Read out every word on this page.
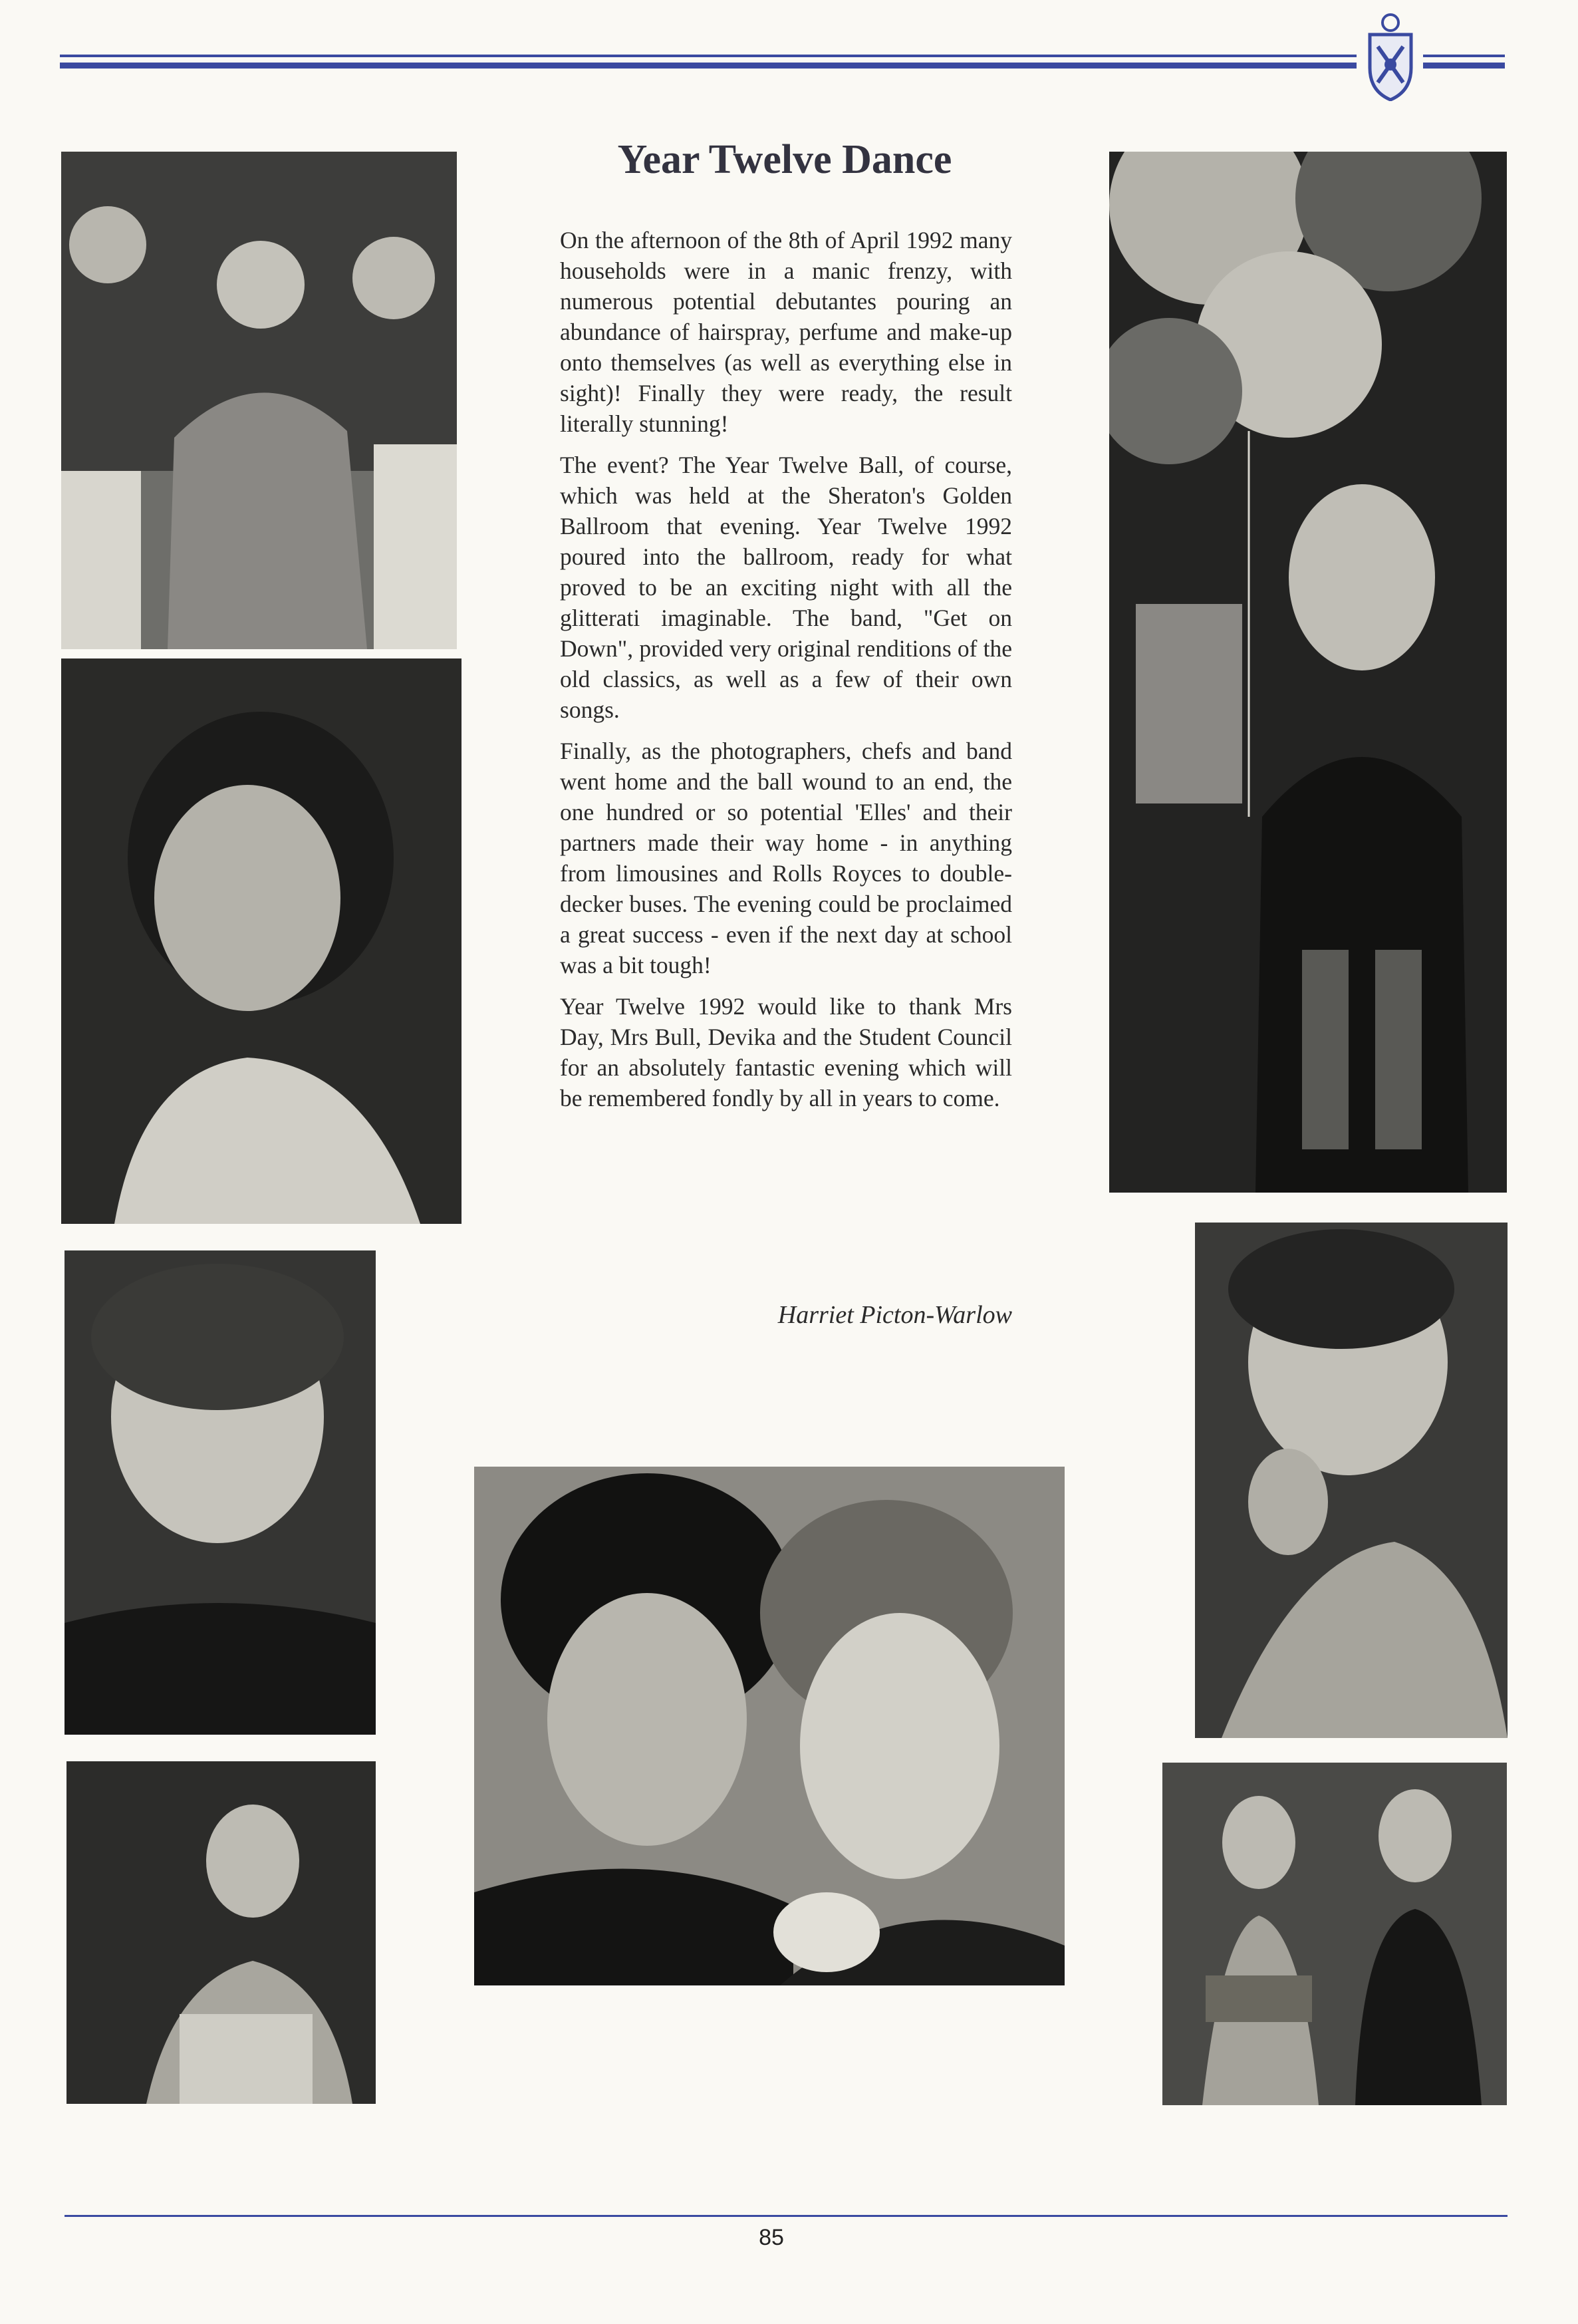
Year Twelve Dance

On the afternoon of the 8th of April 1992 many households were in a manic frenzy, with numerous potential debutantes pouring an abundance of hairspray, perfume and make-up onto themselves (as well as everything else in sight)! Finally they were ready, the result literally stunning!

The event? The Year Twelve Ball, of course, which was held at the Sheraton's Golden Ballroom that evening. Year Twelve 1992 poured into the ballroom, ready for what proved to be an exciting night with all the glitterati imaginable. The band, "Get on Down", provided very original renditions of the old classics, as well as a few of their own songs.

Finally, as the photographers, chefs and band went home and the ball wound to an end, the one hundred or so potential 'Elles' and their partners made their way home - in anything from limousines and Rolls Royces to double-decker buses. The evening could be proclaimed a great success - even if the next day at school was a bit tough!

Year Twelve 1992 would like to thank Mrs Day, Mrs Bull, Devika and the Student Council for an absolutely fantastic evening which will be remembered fondly by all in years to come.

Harriet Picton-Warlow
85
